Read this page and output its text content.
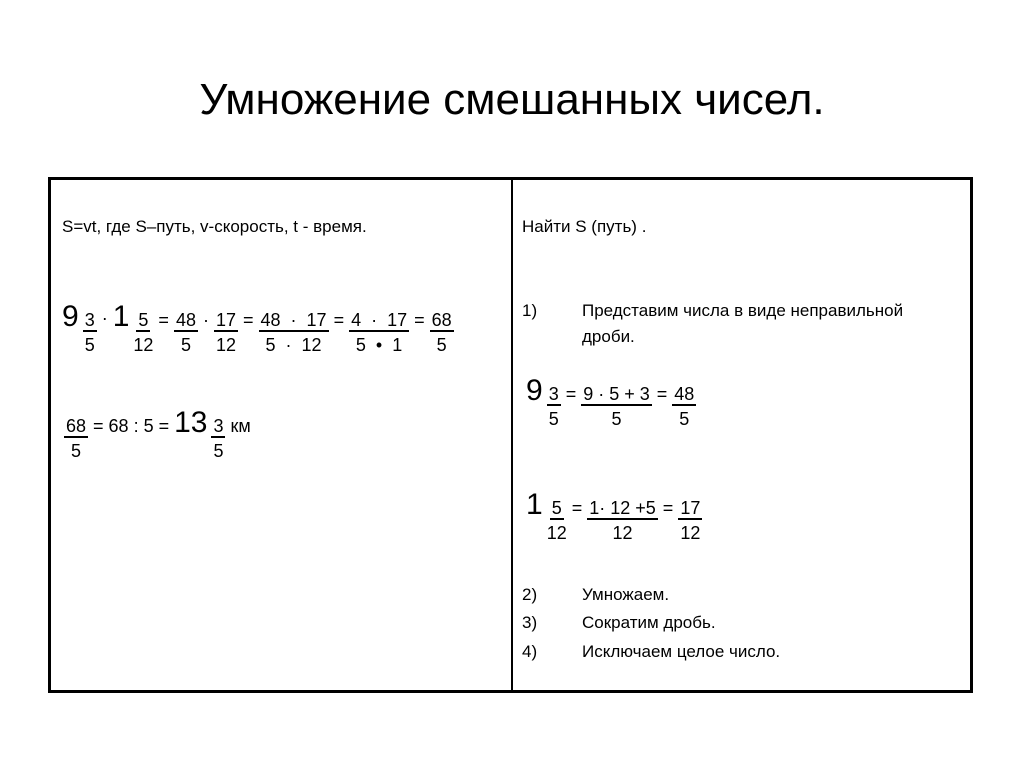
Умножение смешанных чисел.
S=vt, где S–путь, v-скорость, t - время.
$9 \frac{3}{5} \cdot 1 \frac{5}{12} = \frac{48}{5} \cdot \frac{17}{12} = \frac{48 \cdot 17}{5 \cdot 12} = \frac{4 \cdot 17}{5 • 1} = \frac{68}{5}$
$\frac{68}{5} = 68$ : $5 = 13 \frac{3}{5}$ км
Найти S (путь) .
1)	Представим числа в виде неправильной
дроби.
$9 \frac{3}{5} = \frac{9 \cdot 5 + 3}{5} = \frac{48}{5}$
$1 \frac{5}{12} = \frac{1\cdot 12 +5}{12} = \frac{17}{12}$
2)	Умножаем.
3)	Сократим дробь.
4)	Исключаем целое число.
